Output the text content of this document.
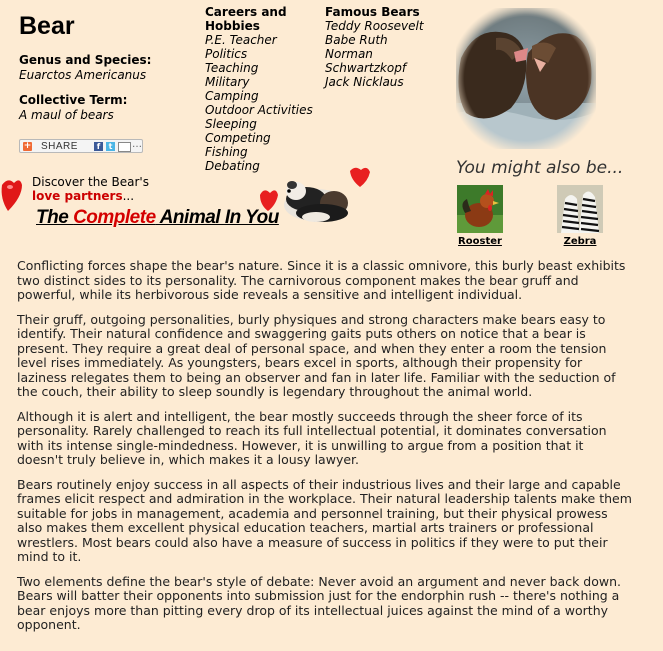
Bear
Genus and Species:
Euarctos Americanus
Collective Term:
A maul of bears
+ SHARE	f	t …
Careers and
Hobbies
P.E. Teacher
Politics
Teaching
Military
Camping
Outdoor Activities
Sleeping
Competing
Fishing
Debating
Famous Bears
Teddy Roosevelt
Babe Ruth
Norman
Schwartzkopf
Jack Nicklaus
You might also be...
Rooster	Zebra
Discover the Bear's
love partners...
The Complete Animal In You

Conflicting forces shape the bear's nature. Since it is a classic omnivore, this burly beast exhibits two distinct sides to its personality. The carnivorous component makes the bear gruff and powerful, while its herbivorous side reveals a sensitive and intelligent individual.

Their gruff, outgoing personalities, burly physiques and strong characters make bears easy to identify. Their natural confidence and swaggering gaits puts others on notice that a bear is present. They require a great deal of personal space, and when they enter a room the tension level rises immediately. As youngsters, bears excel in sports, although their propensity for laziness relegates them to being an observer and fan in later life. Familiar with the seduction of the couch, their ability to sleep soundly is legendary throughout the animal world.

Although it is alert and intelligent, the bear mostly succeeds through the sheer force of its personality. Rarely challenged to reach its full intellectual potential, it dominates conversation with its intense single-mindedness. However, it is unwilling to argue from a position that it doesn't truly believe in, which makes it a lousy lawyer.

Bears routinely enjoy success in all aspects of their industrious lives and their large and capable frames elicit respect and admiration in the workplace. Their natural leadership talents make them suitable for jobs in management, academia and personnel training, but their physical prowess also makes them excellent physical education teachers, martial arts trainers or professional wrestlers. Most bears could also have a measure of success in politics if they were to put their mind to it.

Two elements define the bear's style of debate: Never avoid an argument and never back down. Bears will batter their opponents into submission just for the endorphin rush -- there's nothing a bear enjoys more than pitting every drop of its intellectual juices against the mind of a worthy opponent.
